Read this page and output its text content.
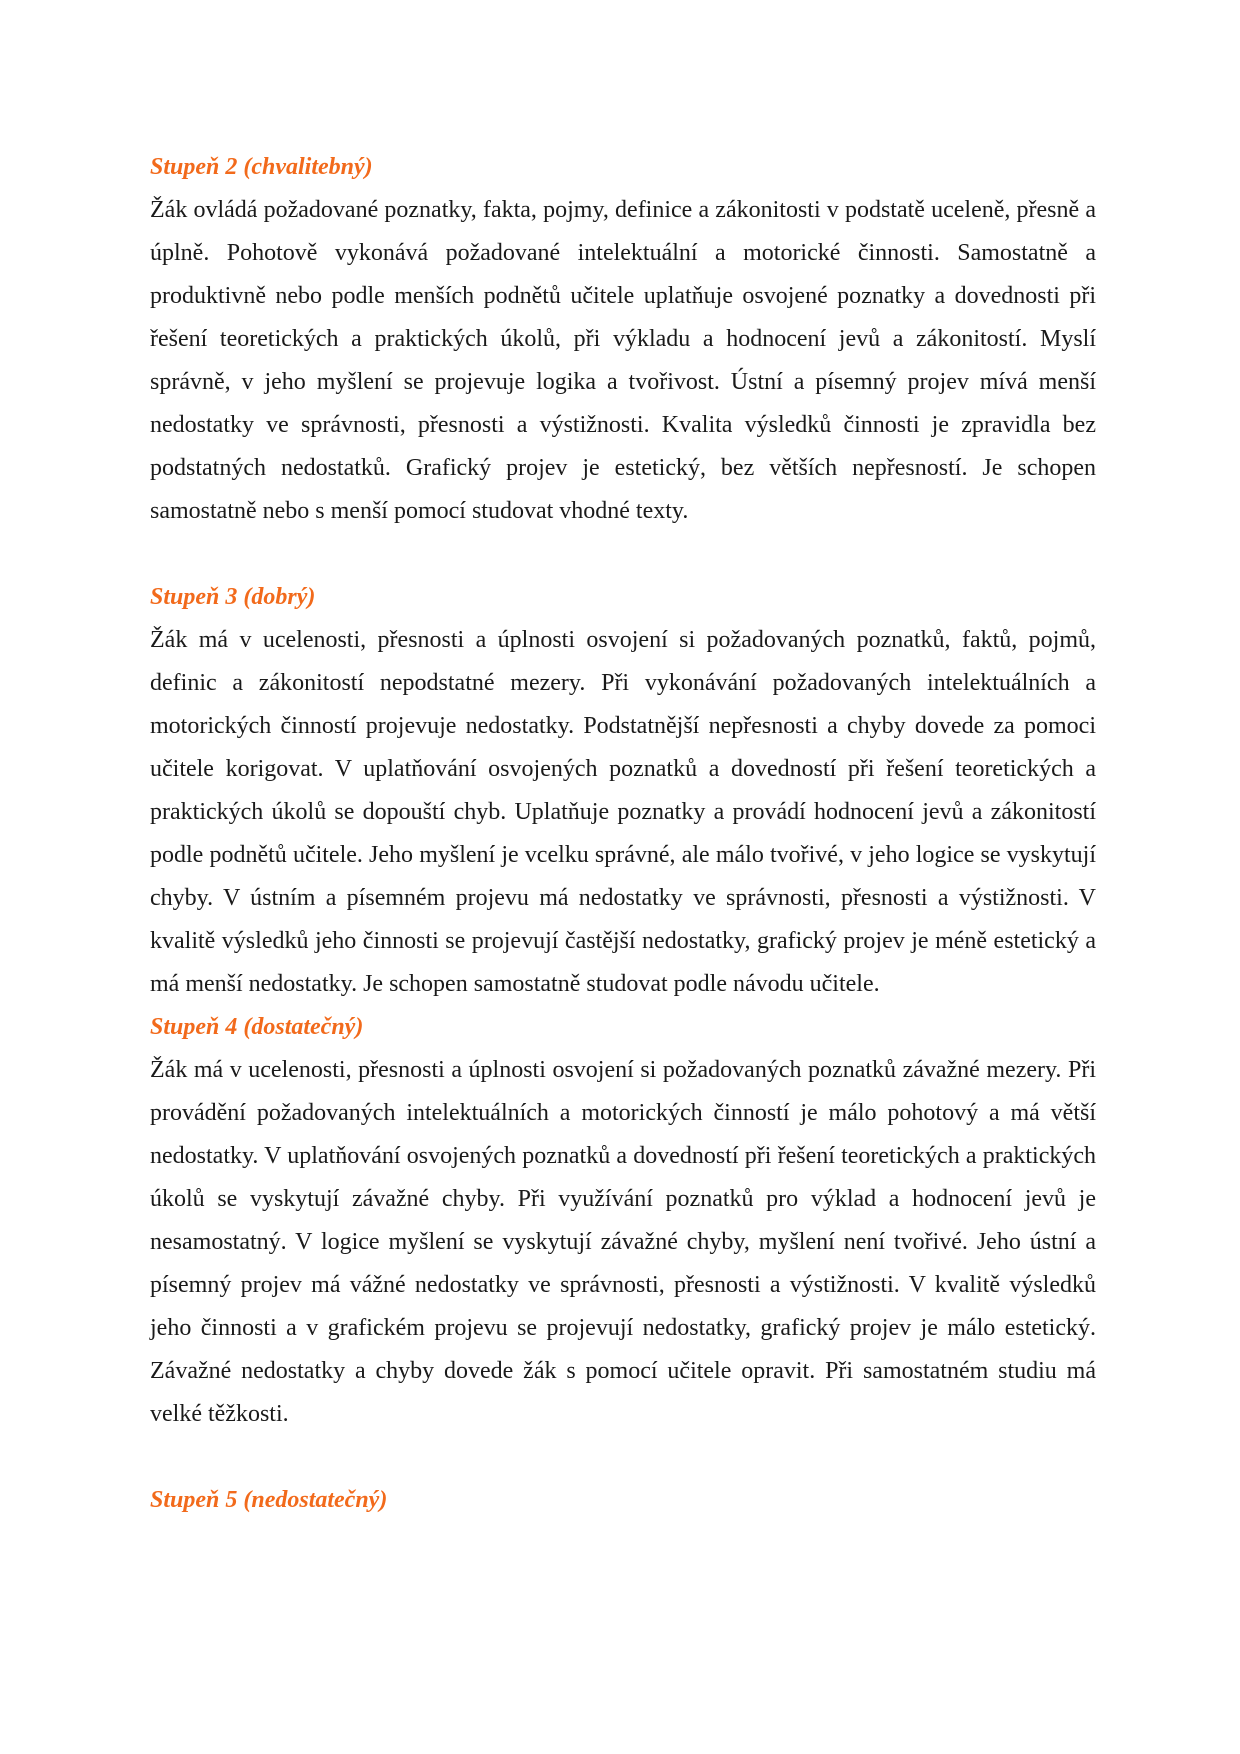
Stupeň 2 (chvalitebný)

Žák ovládá požadované poznatky, fakta, pojmy, definice a zákonitosti v podstatě uceleně, přesně a úplně. Pohotově vykonává požadované intelektuální a motorické činnosti. Samostatně a produktivně nebo podle menších podnětů učitele uplatňuje osvojené poznatky a dovednosti při řešení teoretických a praktických úkolů, při výkladu a hodnocení jevů a zákonitostí. Myslí správně, v jeho myšlení se projevuje logika a tvořivost. Ústní a písemný projev mívá menší nedostatky ve správnosti, přesnosti a výstižnosti. Kvalita výsledků činnosti je zpravidla bez podstatných nedostatků. Grafický projev je estetický, bez větších nepřesností. Je schopen samostatně nebo s menší pomocí studovat vhodné texty.

Stupeň 3 (dobrý)

Žák má v ucelenosti, přesnosti a úplnosti osvojení si požadovaných poznatků, faktů, pojmů, definic a zákonitostí nepodstatné mezery. Při vykonávání požadovaných intelektuálních a motorických činností projevuje nedostatky. Podstatnější nepřesnosti a chyby dovede za pomoci učitele korigovat. V uplatňování osvojených poznatků a dovedností při řešení teoretických a praktických úkolů se dopouští chyb. Uplatňuje poznatky a provádí hodnocení jevů a zákonitostí podle podnětů učitele. Jeho myšlení je vcelku správné, ale málo tvořivé, v jeho logice se vyskytují chyby. V ústním a písemném projevu má nedostatky ve správnosti, přesnosti a výstižnosti. V kvalitě výsledků jeho činnosti se projevují častější nedostatky, grafický projev je méně estetický a má menší nedostatky. Je schopen samostatně studovat podle návodu učitele.

Stupeň 4 (dostatečný)

Žák má v ucelenosti, přesnosti a úplnosti osvojení si požadovaných poznatků závažné mezery. Při provádění požadovaných intelektuálních a motorických činností je málo pohotový a má větší nedostatky. V uplatňování osvojených poznatků a dovedností při řešení teoretických a praktických úkolů se vyskytují závažné chyby. Při využívání poznatků pro výklad a hodnocení jevů je nesamostatný. V logice myšlení se vyskytují závažné chyby, myšlení není tvořivé. Jeho ústní a písemný projev má vážné nedostatky ve správnosti, přesnosti a výstižnosti. V kvalitě výsledků jeho činnosti a v grafickém projevu se projevují nedostatky, grafický projev je málo estetický. Závažné nedostatky a chyby dovede žák s pomocí učitele opravit. Při samostatném studiu má velké těžkosti.

Stupeň 5 (nedostatečný)
